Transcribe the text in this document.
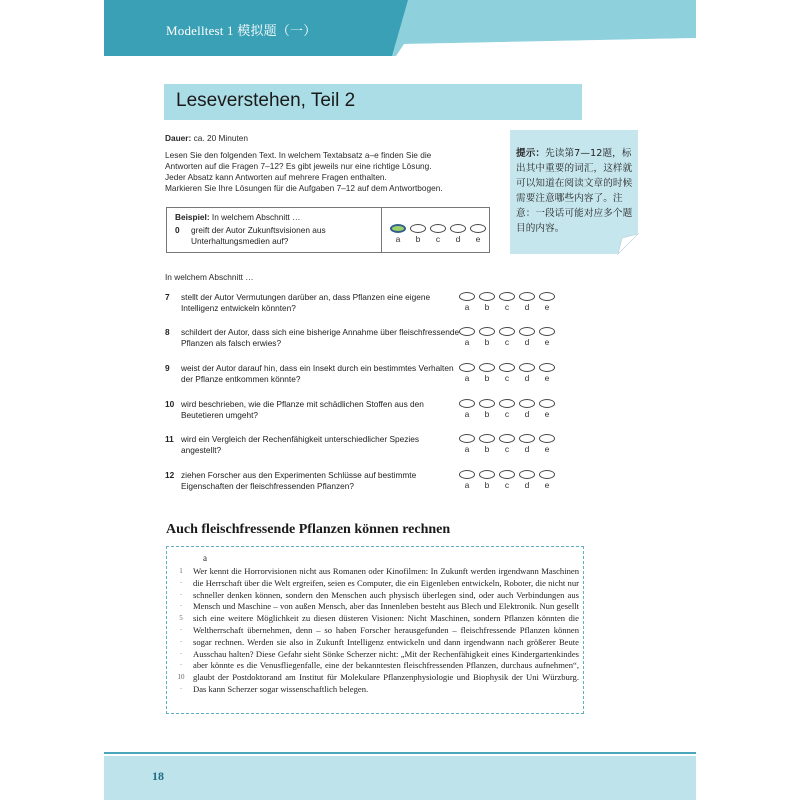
Modelltest 1 模拟题（一）
Leseverstehen, Teil 2
Dauer: ca. 20 Minuten
Lesen Sie den folgenden Text. In welchem Textabsatz a–e finden Sie die
Antworten auf die Fragen 7–12? Es gibt jeweils nur eine richtige Lösung.
Jeder Absatz kann Antworten auf mehrere Fragen enthalten.
Markieren Sie Ihre Lösungen für die Aufgaben 7–12 auf dem Antwortbogen.
提示：先读第7—12题，标出其中重要的词汇，这样就可以知道在阅读文章的时候需要注意哪些内容了。注意：一段话可能对应多个题目的内容。
Beispiel: In welchem Abschnitt …
0 greift der Autor Zukunftsvisionen aus Unterhaltungsmedien auf?	a b c d e
In welchem Abschnitt …
7 stellt der Autor Vermutungen darüber an, dass Pflanzen eine eigene Intelligenz entwickeln könnten?	a b c d e
8 schildert der Autor, dass sich eine bisherige Annahme über fleischfressende Pflanzen als falsch erwies?	a b c d e
9 weist der Autor darauf hin, dass ein Insekt durch ein bestimmtes Verhalten der Pflanze entkommen könnte?	a b c d e
10 wird beschrieben, wie die Pflanze mit schädlichen Stoffen aus den Beutetieren umgeht?	a b c d e
11 wird ein Vergleich der Rechenfähigkeit unterschiedlicher Spezies angestellt?	a b c d e
12 ziehen Forscher aus den Experimenten Schlüsse auf bestimmte Eigenschaften der fleischfressenden Pflanzen?	a b c d e
Auch fleischfressende Pflanzen können rechnen
a
1
·
·
·
5
·
·
·
·
10
·
Wer kennt die Horrorvisionen nicht aus Romanen oder Kinofilmen: In Zukunft werden irgendwann Maschinen die Herrschaft über die Welt ergreifen, seien es Computer, die ein Eigenleben entwickeln, Roboter, die nicht nur schneller denken können, sondern den Menschen auch physisch überlegen sind, oder auch Verbindungen aus Mensch und Maschine – von außen Mensch, aber das Innenleben besteht aus Blech und Elektronik. Nun gesellt sich eine weitere Möglichkeit zu diesen düsteren Visionen: Nicht Maschinen, sondern Pflanzen könnten die Weltherrschaft übernehmen, denn – so haben Forscher herausgefunden – fleischfressende Pflanzen können sogar rechnen. Werden sie also in Zukunft Intelligenz entwickeln und dann irgendwann nach größerer Beute Ausschau halten? Diese Gefahr sieht Sönke Scherzer nicht: „Mit der Rechenfähigkeit eines Kindergartenkindes aber könnte es die Venusfliegenfalle, eine der bekanntesten fleischfressenden Pflanzen, durchaus aufnehmen“, glaubt der Postdoktorand am Institut für Molekulare Pflanzenphysiologie und Biophysik der Uni Würzburg. Das kann Scherzer sogar wissenschaftlich belegen.
18
